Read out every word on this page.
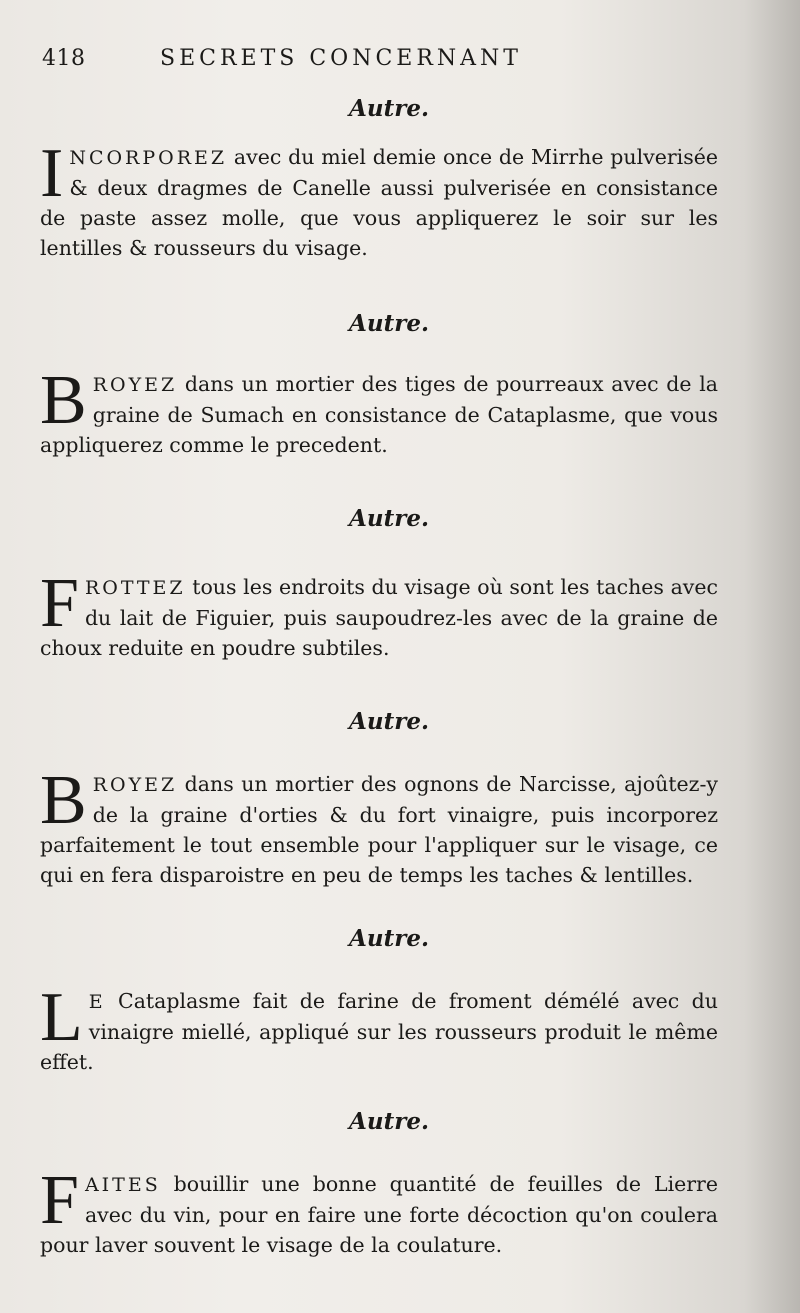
418	SECRETS CONCERNANT
Autre.

INCORPOREZ avec du miel demie once de Mirrhe pulverisée & deux dragmes de Canelle aussi pulverisée en consistance de paste assez molle, que vous appliquerez le soir sur les lentilles & rousseurs du visage.

Autre.

BROYEZ dans un mortier des tiges de pourreaux avec de la graine de Sumach en consistance de Cataplasme, que vous appliquerez comme le precedent.

Autre.

FROTTEZ tous les endroits du visage où sont les taches avec du lait de Figuier, puis saupoudrez-les avec de la graine de choux reduite en poudre subtiles.

Autre.

BROYEZ dans un mortier des ognons de Narcisse, ajoûtez-y de la graine d'orties & du fort vinaigre, puis incorporez parfaitement le tout ensemble pour l'appliquer sur le visage, ce qui en fera disparoistre en peu de temps les taches & lentilles.

Autre.

L E Cataplasme fait de farine de froment démélé avec du vinaigre miellé, appliqué sur les rousseurs produit le même effet.

Autre.

FAITES bouillir une bonne quantité de feuilles de Lierre avec du vin, pour en faire une forte décoction qu'on coulera pour laver souvent le visage de la coulature.
